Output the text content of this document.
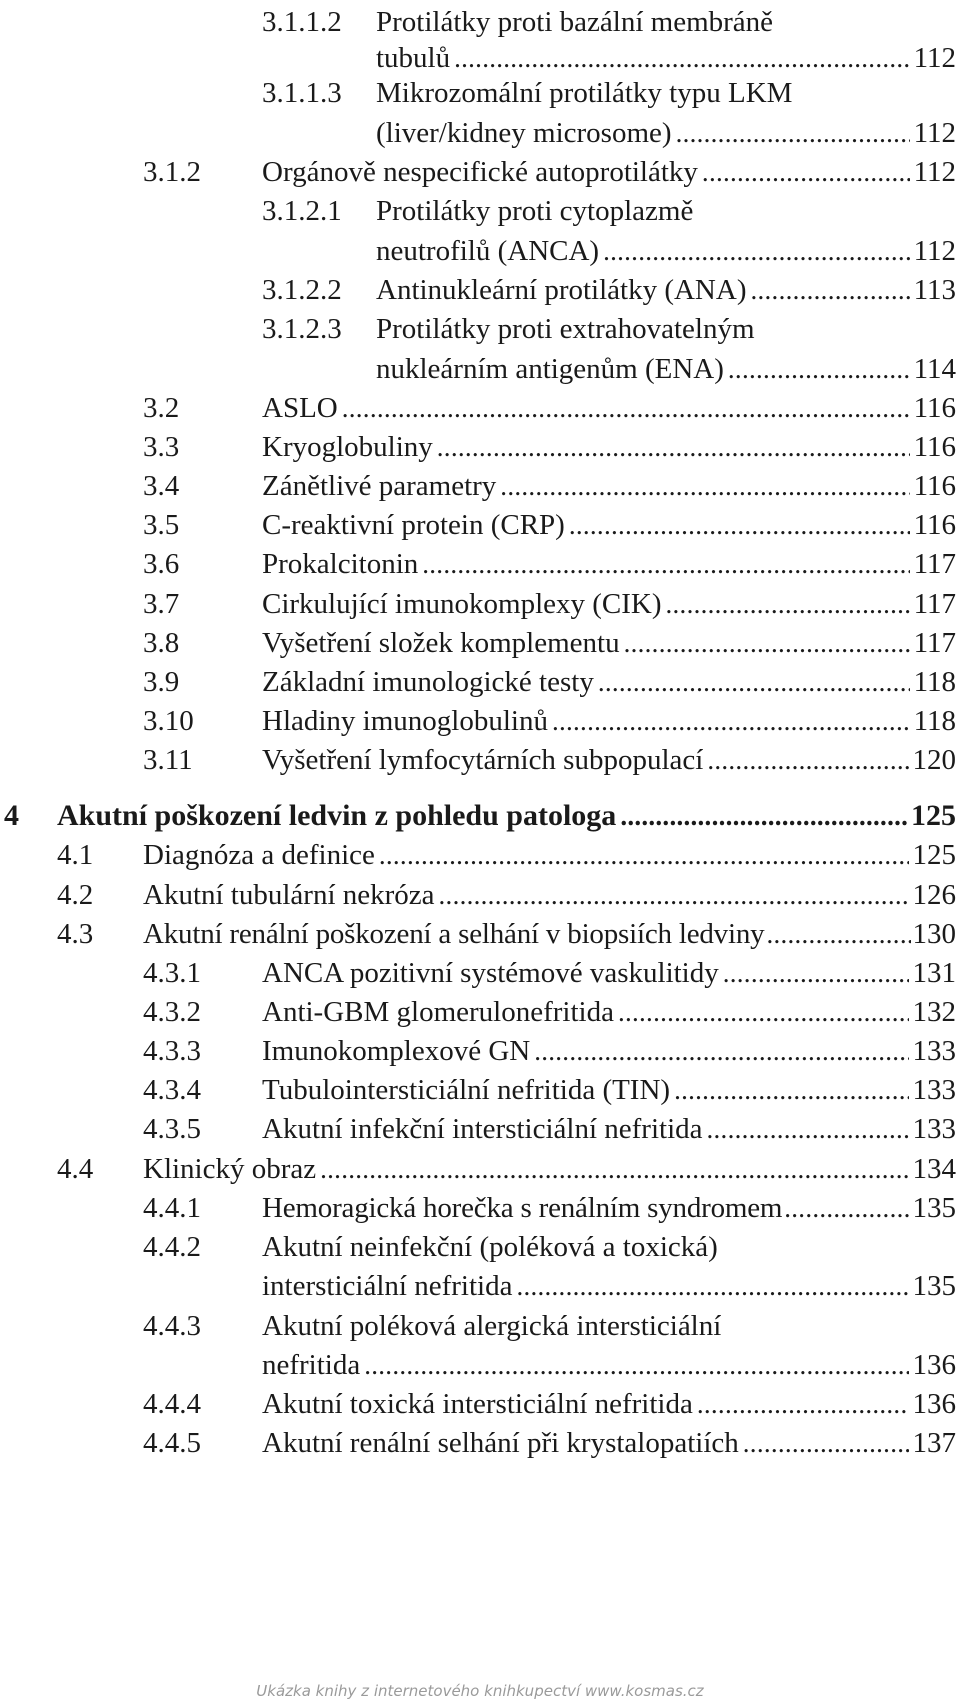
3.1.1.2 Protilátky proti bazální membráně
tubulů . . .	112
3.1.1.3 Mikrozomální protilátky typu LKM
(liver/kidney microsome) . . .	112
3.1.2 Orgánově nespecifické autoprotilátky . . .	112
3.1.2.1 Protilátky proti cytoplazmě
neutrofilů (ANCA) . . .	112
3.1.2.2 Antinukleární protilátky (ANA) . . .	113
3.1.2.3 Protilátky proti extrahovatelným
nukleárním antigenům (ENA) . . .	114
3.2	ASLO . . .	116
3.3	Kryoglobuliny . . .	116
3.4	Zánětlivé parametry . . .	116
3.5	C-reaktivní protein (CRP) . . .	116
3.6	Prokalcitonin . . .	117
3.7	Cirkulující imunokomplexy (CIK) . . .	117
3.8	Vyšetření složek komplementu . . .	117
3.9	Základní imunologické testy . . .	118
3.10 Hladiny imunoglobulinů . . .	118
3.11 Vyšetření lymfocytárních subpopulací . . .	120
4 Akutní poškození ledvin z pohledu patologa . . .	125
4.1 Diagnóza a definice . . .	125
4.2 Akutní tubulární nekróza . . .	126
4.3 Akutní renální poškození a selhání v biopsiích ledviny . . .	130
4.3.1 ANCA pozitivní systémové vaskulitidy . . .	131
4.3.2 Anti-GBM glomerulonefritida . . .	132
4.3.3 Imunokomplexové GN . . .	133
4.3.4 Tubulointersticiální nefritida (TIN) . . .	133
4.3.5 Akutní infekční intersticiální nefritida . . .	133
4.4 Klinický obraz . . .	134
4.4.1 Hemoragická horečka s renálním syndromem . . .	135
4.4.2 Akutní neinfekční (poléková a toxická)
intersticiální nefritida . . .	135
4.4.3 Akutní poléková alergická intersticiální
nefritida . . .	136
4.4.4 Akutní toxická intersticiální nefritida . . .	136
4.4.5 Akutní renální selhání při krystalopatiích . . .	137
Ukázka knihy z internetového knihkupectví www.kosmas.cz
